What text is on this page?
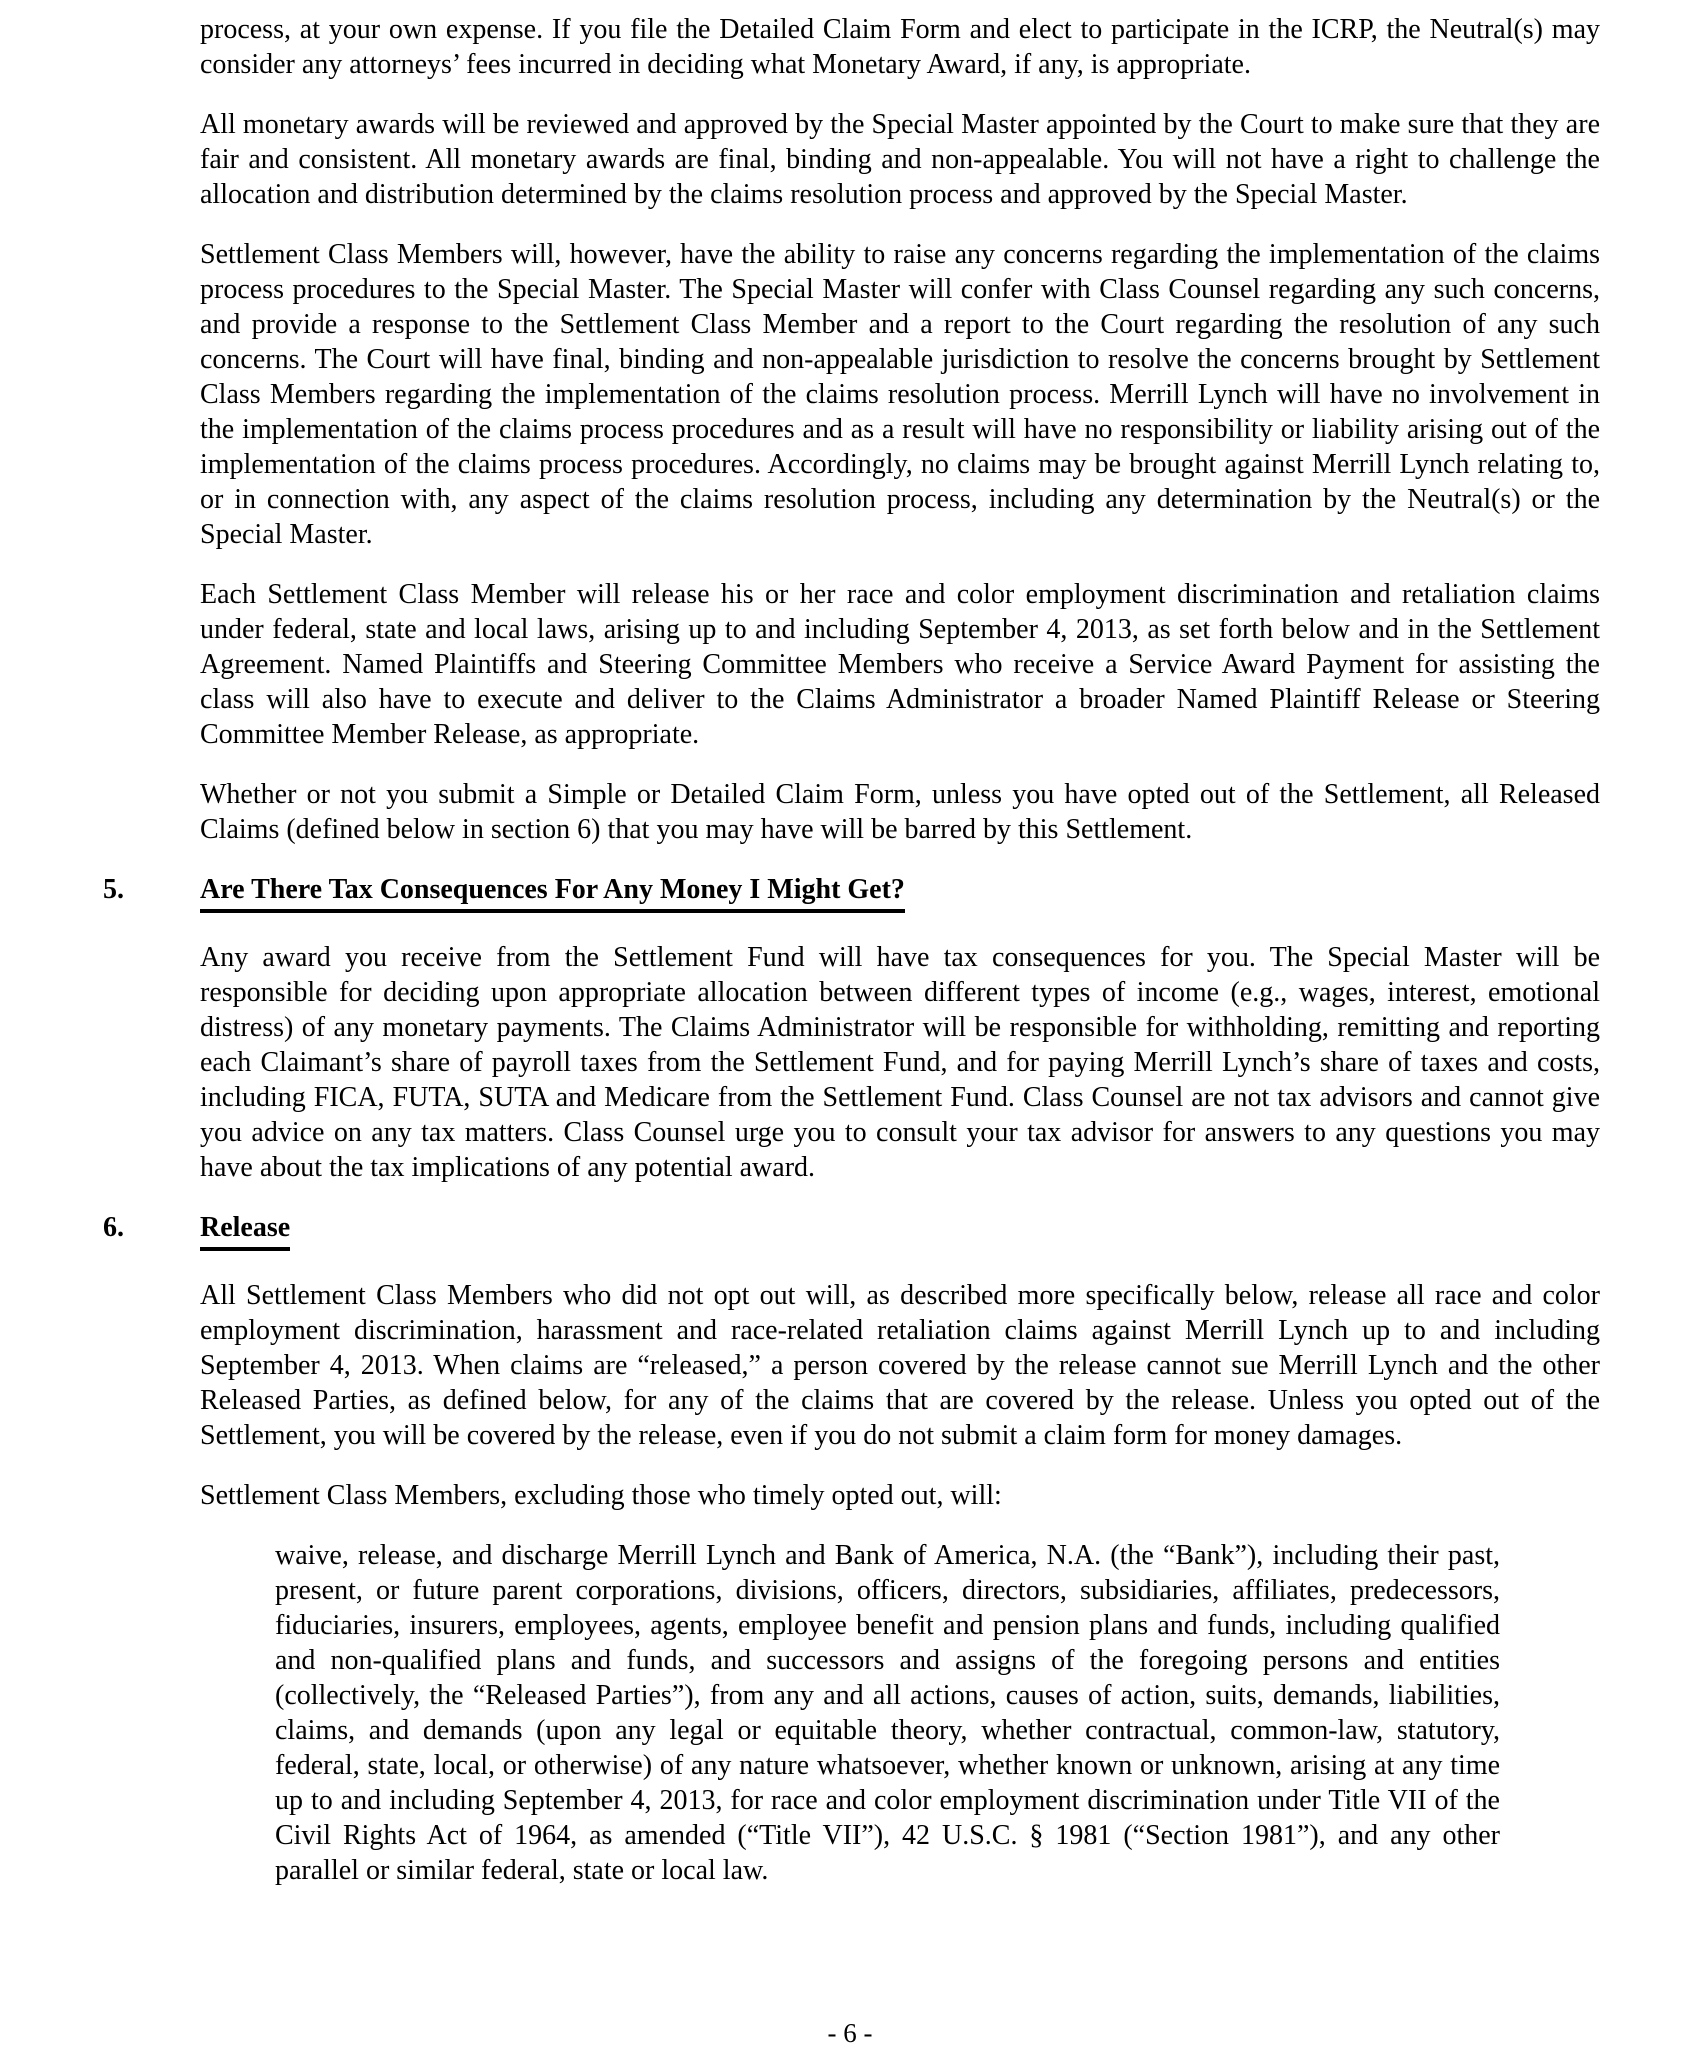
process, at your own expense. If you file the Detailed Claim Form and elect to participate in the ICRP, the Neutral(s) may consider any attorneys’ fees incurred in deciding what Monetary Award, if any, is appropriate.

All monetary awards will be reviewed and approved by the Special Master appointed by the Court to make sure that they are fair and consistent. All monetary awards are final, binding and non-appealable. You will not have a right to challenge the allocation and distribution determined by the claims resolution process and approved by the Special Master.

Settlement Class Members will, however, have the ability to raise any concerns regarding the implementation of the claims process procedures to the Special Master. The Special Master will confer with Class Counsel regarding any such concerns, and provide a response to the Settlement Class Member and a report to the Court regarding the resolution of any such concerns. The Court will have final, binding and non-appealable jurisdiction to resolve the concerns brought by Settlement Class Members regarding the implementation of the claims resolution process. Merrill Lynch will have no involvement in the implementation of the claims process procedures and as a result will have no responsibility or liability arising out of the implementation of the claims process procedures. Accordingly, no claims may be brought against Merrill Lynch relating to, or in connection with, any aspect of the claims resolution process, including any determination by the Neutral(s) or the Special Master.

Each Settlement Class Member will release his or her race and color employment discrimination and retaliation claims under federal, state and local laws, arising up to and including September 4, 2013, as set forth below and in the Settlement Agreement. Named Plaintiffs and Steering Committee Members who receive a Service Award Payment for assisting the class will also have to execute and deliver to the Claims Administrator a broader Named Plaintiff Release or Steering Committee Member Release, as appropriate.

Whether or not you submit a Simple or Detailed Claim Form, unless you have opted out of the Settlement, all Released Claims (defined below in section 6) that you may have will be barred by this Settlement.

5.	Are There Tax Consequences For Any Money I Might Get?

Any award you receive from the Settlement Fund will have tax consequences for you. The Special Master will be responsible for deciding upon appropriate allocation between different types of income (e.g., wages, interest, emotional distress) of any monetary payments. The Claims Administrator will be responsible for withholding, remitting and reporting each Claimant’s share of payroll taxes from the Settlement Fund, and for paying Merrill Lynch’s share of taxes and costs, including FICA, FUTA, SUTA and Medicare from the Settlement Fund. Class Counsel are not tax advisors and cannot give you advice on any tax matters. Class Counsel urge you to consult your tax advisor for answers to any questions you may have about the tax implications of any potential award.

6.	Release

All Settlement Class Members who did not opt out will, as described more specifically below, release all race and color employment discrimination, harassment and race-related retaliation claims against Merrill Lynch up to and including September 4, 2013. When claims are “released,” a person covered by the release cannot sue Merrill Lynch and the other Released Parties, as defined below, for any of the claims that are covered by the release. Unless you opted out of the Settlement, you will be covered by the release, even if you do not submit a claim form for money damages.

Settlement Class Members, excluding those who timely opted out, will:

waive, release, and discharge Merrill Lynch and Bank of America, N.A. (the “Bank”), including their past, present, or future parent corporations, divisions, officers, directors, subsidiaries, affiliates, predecessors, fiduciaries, insurers, employees, agents, employee benefit and pension plans and funds, including qualified and non-qualified plans and funds, and successors and assigns of the foregoing persons and entities (collectively, the “Released Parties”), from any and all actions, causes of action, suits, demands, liabilities, claims, and demands (upon any legal or equitable theory, whether contractual, common-law, statutory, federal, state, local, or otherwise) of any nature whatsoever, whether known or unknown, arising at any time up to and including September 4, 2013, for race and color employment discrimination under Title VII of the Civil Rights Act of 1964, as amended (“Title VII”), 42 U.S.C. § 1981 (“Section 1981”), and any other parallel or similar federal, state or local law.

- 6 -
